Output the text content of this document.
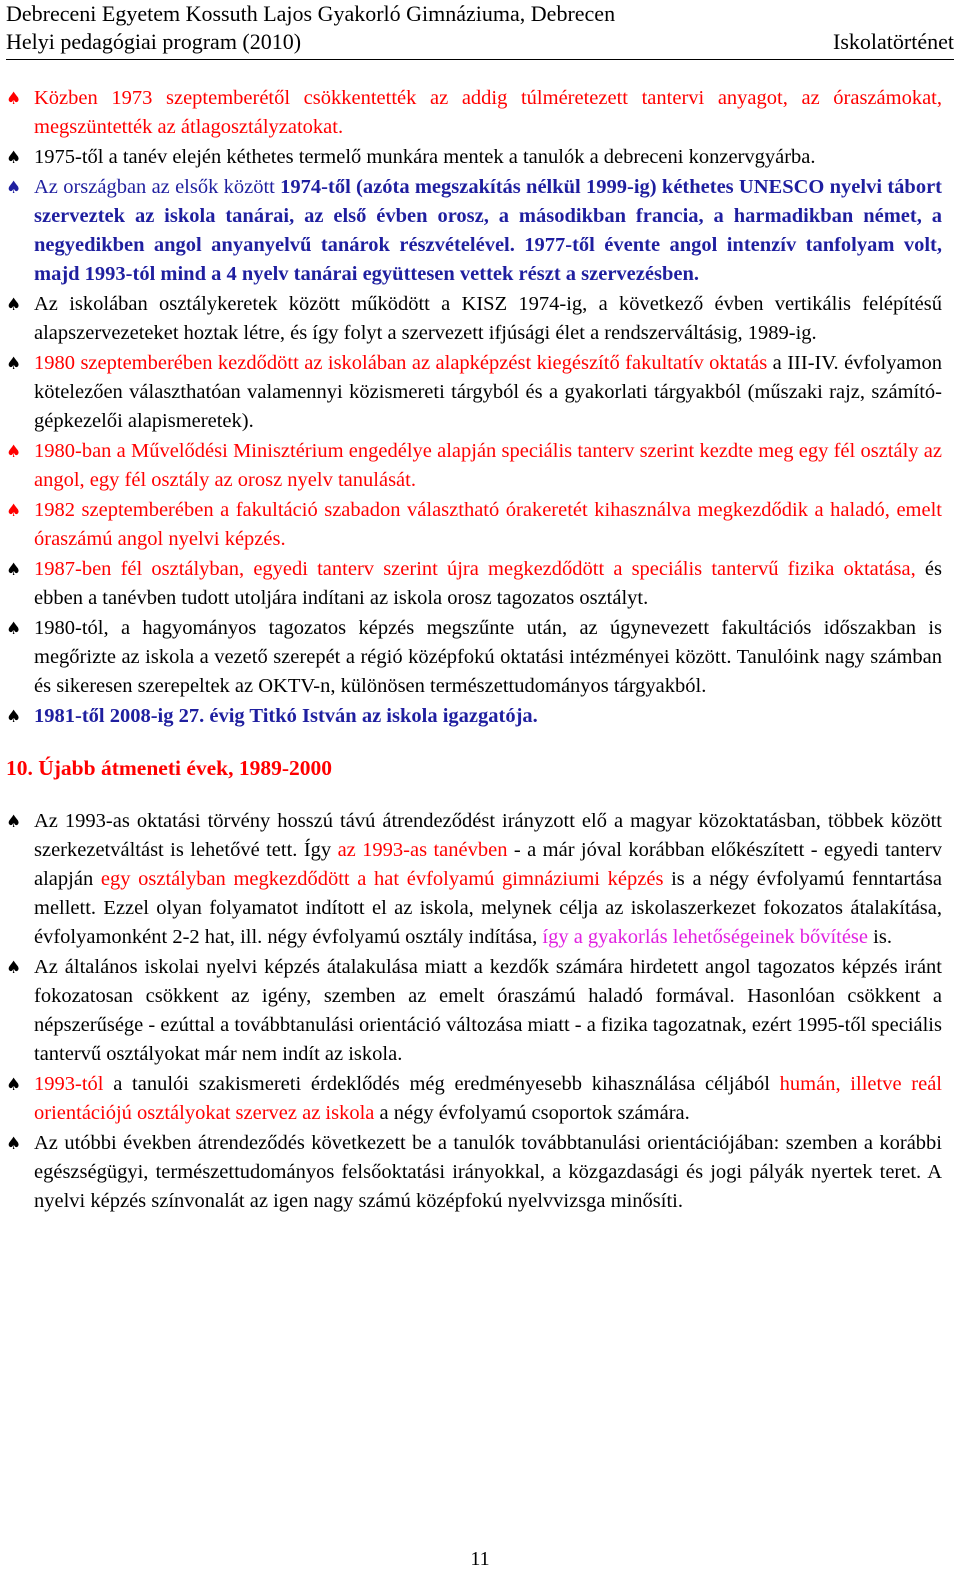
Debreceni Egyetem Kossuth Lajos Gyakorló Gimnáziuma, Debrecen
Helyi pedagógiai program (2010)	Iskolatörténet
♠ Közben 1973 szeptemberétől csökkentették az addig túlméretezett tantervi anyagot, az óraszámokat, megszüntették az átlagosztályzatokat.
♠ 1975-től a tanév elején kéthetes termelő munkára mentek a tanulók a debreceni konzervgyárba.
♠ Az országban az elsők között 1974-től (azóta megszakítás nélkül 1999-ig) kéthetes UNESCO nyelvi tábort szerveztek az iskola tanárai, az első évben orosz, a másodikban francia, a harmadikban német, a negyedikben angol anyanyelvű tanárok részvételével. 1977-től évente angol intenzív tanfolyam volt, majd 1993-tól mind a 4 nyelv tanárai együttesen vettek részt a szervezésben.
♠ Az iskolában osztálykeretek között működött a KISZ 1974-ig, a következő évben vertikális felépítésű alapszervezeteket hoztak létre, és így folyt a szervezett ifjúsági élet a rendszerváltásig, 1989-ig.
♠ 1980 szeptemberében kezdődött az iskolában az alapképzést kiegészítő fakultatív oktatás a III-IV. évfolyamon kötelezően választhatóan valamennyi közismereti tárgyból és a gyakorlati tárgyakból (műszaki rajz, számító-gépkezelői alapismeretek).
♠ 1980-ban a Művelődési Minisztérium engedélye alapján speciális tanterv szerint kezdte meg egy fél osztály az angol, egy fél osztály az orosz nyelv tanulását.
♠ 1982 szeptemberében a fakultáció szabadon választható órakeretét kihasználva megkezdődik a haladó, emelt óraszámú angol nyelvi képzés.
♠ 1987-ben fél osztályban, egyedi tanterv szerint újra megkezdődött a speciális tantervű fizika oktatása, és ebben a tanévben tudott utoljára indítani az iskola orosz tagozatos osztályt.
♠ 1980-tól, a hagyományos tagozatos képzés megszűnte után, az úgynevezett fakultációs időszakban is megőrizte az iskola a vezető szerepét a régió középfokú oktatási intézményei között. Tanulóink nagy számban és sikeresen szerepeltek az OKTV-n, különösen természettudományos tárgyakból.
♠ 1981-től 2008-ig 27. évig Titkó István az iskola igazgatója.
10. Újabb átmeneti évek, 1989-2000
♠ Az 1993-as oktatási törvény hosszú távú átrendeződést irányzott elő a magyar közoktatásban, többek között szerkezetváltást is lehetővé tett. Így az 1993-as tanévben - a már jóval korábban előkészített - egyedi tanterv alapján egy osztályban megkezdődött a hat évfolyamú gimnáziumi képzés is a négy évfolyamú fenntartása mellett. Ezzel olyan folyamatot indított el az iskola, melynek célja az iskolaszerkezet fokozatos átalakítása, évfolyamonként 2-2 hat, ill. négy évfolyamú osztály indítása, így a gyakorlás lehetőségeinek bővítése is.
♠ Az általános iskolai nyelvi képzés átalakulása miatt a kezdők számára hirdetett angol tagozatos képzés iránt fokozatosan csökkent az igény, szemben az emelt óraszámú haladó formával. Hasonlóan csökkent a népszerűsége - ezúttal a továbbtanulási orientáció változása miatt - a fizika tagozatnak, ezért 1995-től speciális tantervű osztályokat már nem indít az iskola.
♠ 1993-tól a tanulói szakismereti érdeklődés még eredményesebb kihasználása céljából humán, illetve reál orientációjú osztályokat szervez az iskola a négy évfolyamú csoportok számára.
♠ Az utóbbi években átrendeződés következett be a tanulók továbbtanulási orientációjában: szemben a korábbi egészségügyi, természettudományos felsőoktatási irányokkal, a közgazdasági és jogi pályák nyertek teret. A nyelvi képzés színvonalát az igen nagy számú középfokú nyelvvizsga minősíti.
11
